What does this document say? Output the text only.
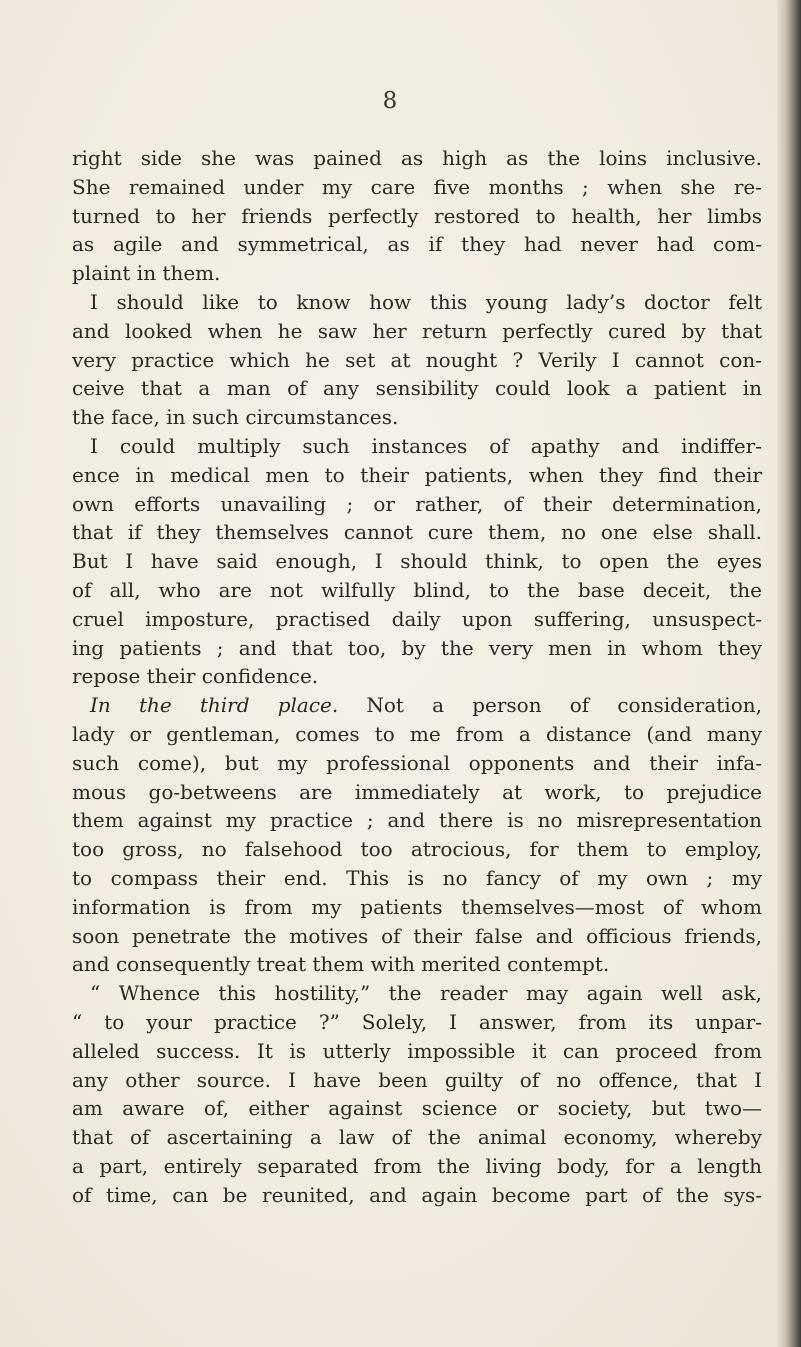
8
right side she was pained as high as the loins inclusive.
She remained under my care five months ; when she re-
turned to her friends perfectly restored to health, her limbs
as agile and symmetrical, as if they had never had com-
plaint in them.
I should like to know how this young lady’s doctor felt
and looked when he saw her return perfectly cured by that
very practice which he set at nought ? Verily I cannot con-
ceive that a man of any sensibility could look a patient in
the face, in such circumstances.
I could multiply such instances of apathy and indiffer-
ence in medical men to their patients, when they find their
own efforts unavailing ; or rather, of their determination,
that if they themselves cannot cure them, no one else shall.
But I have said enough, I should think, to open the eyes
of all, who are not wilfully blind, to the base deceit, the
cruel imposture, practised daily upon suffering, unsuspect-
ing patients ; and that too, by the very men in whom they
repose their confidence.
In the third place. Not a person of consideration,
lady or gentleman, comes to me from a distance (and many
such come), but my professional opponents and their infa-
mous go-betweens are immediately at work, to prejudice
them against my practice ; and there is no misrepresentation
too gross, no falsehood too atrocious, for them to employ,
to compass their end. This is no fancy of my own ; my
information is from my patients themselves—most of whom
soon penetrate the motives of their false and officious friends,
and consequently treat them with merited contempt.
“ Whence this hostility,” the reader may again well ask,
“ to your practice ?” Solely, I answer, from its unpar-
alleled success. It is utterly impossible it can proceed from
any other source. I have been guilty of no offence, that I
am aware of, either against science or society, but two—
that of ascertaining a law of the animal economy, whereby
a part, entirely separated from the living body, for a length
of time, can be reunited, and again become part of the sys-
